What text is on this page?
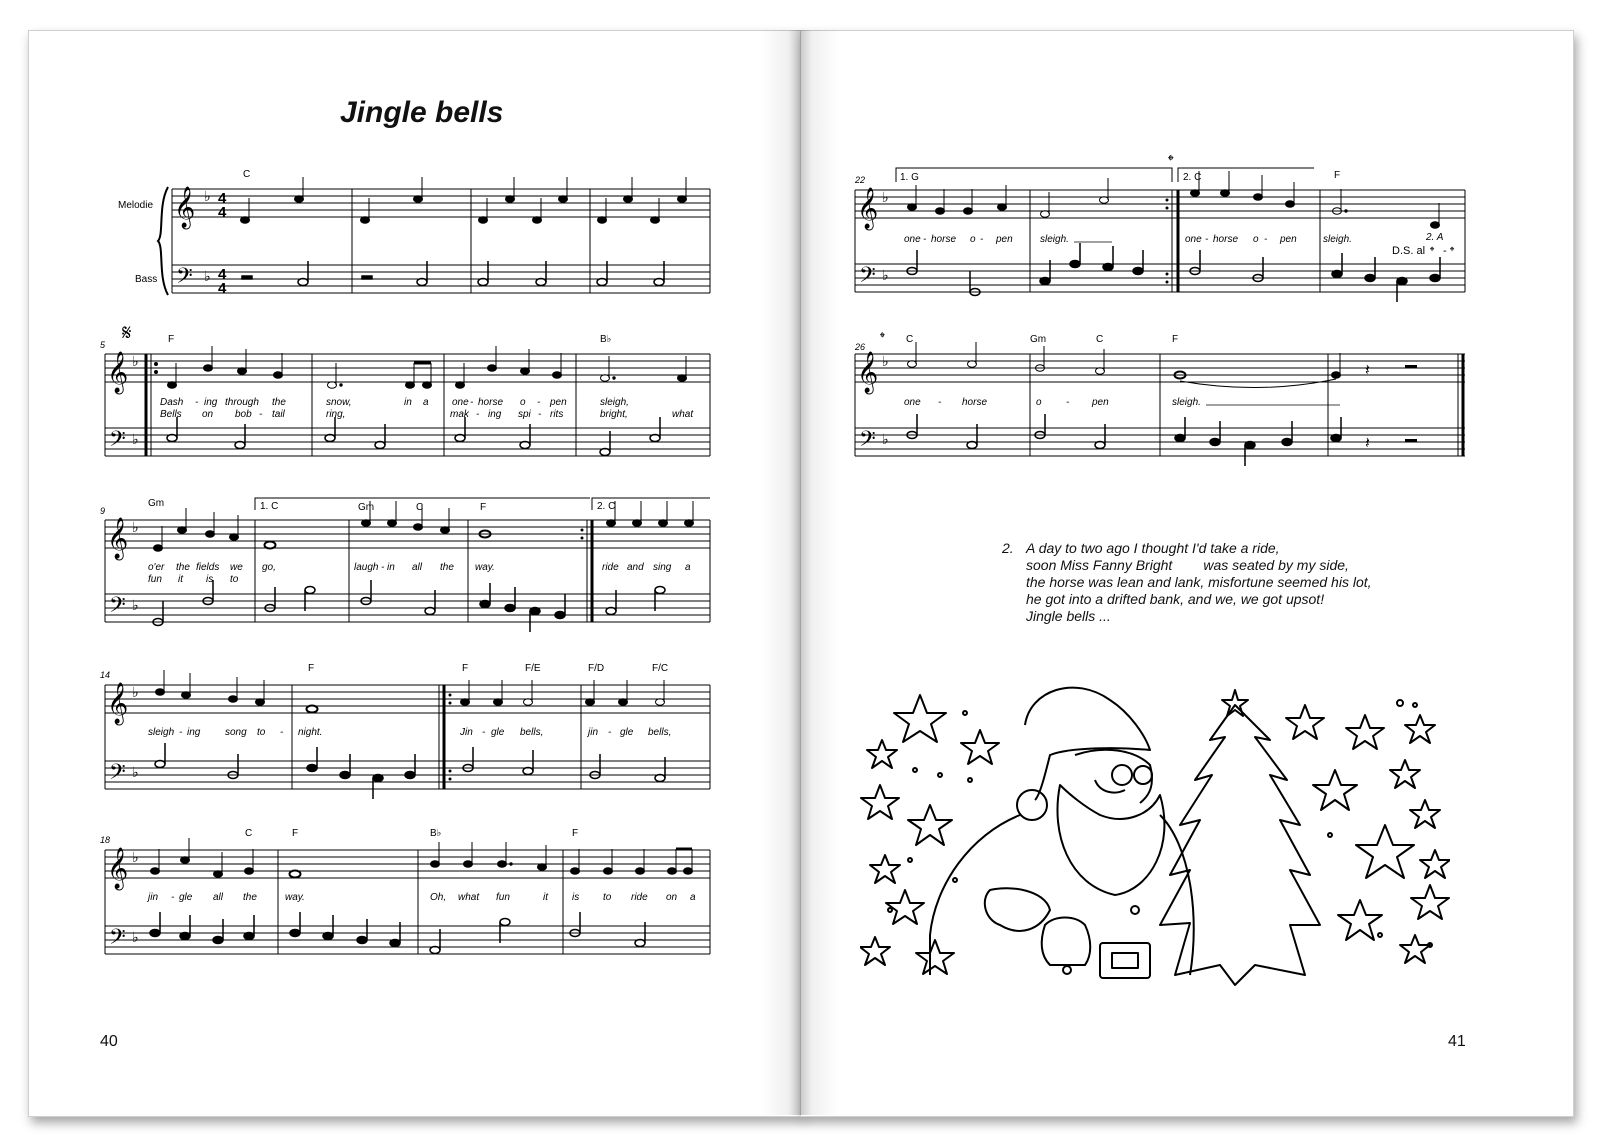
Jingle bells
Melodie
Bass
C
𝄞
𝄢
♭
♭
4
4
4
4
𝄋
5	F	B♭
𝄞
𝄢
♭
♭
Dash - ing through the	snow,	in a one - horse o - pen	sleigh,
Bells on bob - tail	ring,	mak - ing spi - rits	bright,	what
9
Gm	Gm	C	F
1. C	2. C
𝄞
𝄢
♭
♭
o'er the fields we go,	laugh - in all the way.	ride and sing a
fun it is to
14
F	F	F/E	F/D	F/C
𝄞
𝄢
♭
♭
sleigh - ing song to - night.	Jin - gle bells,	jin - gle bells,
18
C	F	B♭	F
𝄞
𝄢
♭
♭
jin - gle all the	way.	Oh, what fun	it is to ride on a
𝄌
22	1. G	2. C	F
𝄞
𝄢
♭
♭
one - horse o - pen	sleigh.	one - horse o - pen	sleigh.	2. A
D.S. al 𝄌 - 𝄌
𝄌
26
C	Gm	C	F
𝄞
𝄢
♭
♭
𝄽
𝄽
one - horse	o - pen	sleigh.
2. A day to two ago I thought I'd take a ride,
soon Miss Fanny Bright        was seated by my side,
the horse was lean and lank, misfortune seemed his lot,
he got into a drifted bank, and we, we got upsot!
Jingle bells ...
40	41
